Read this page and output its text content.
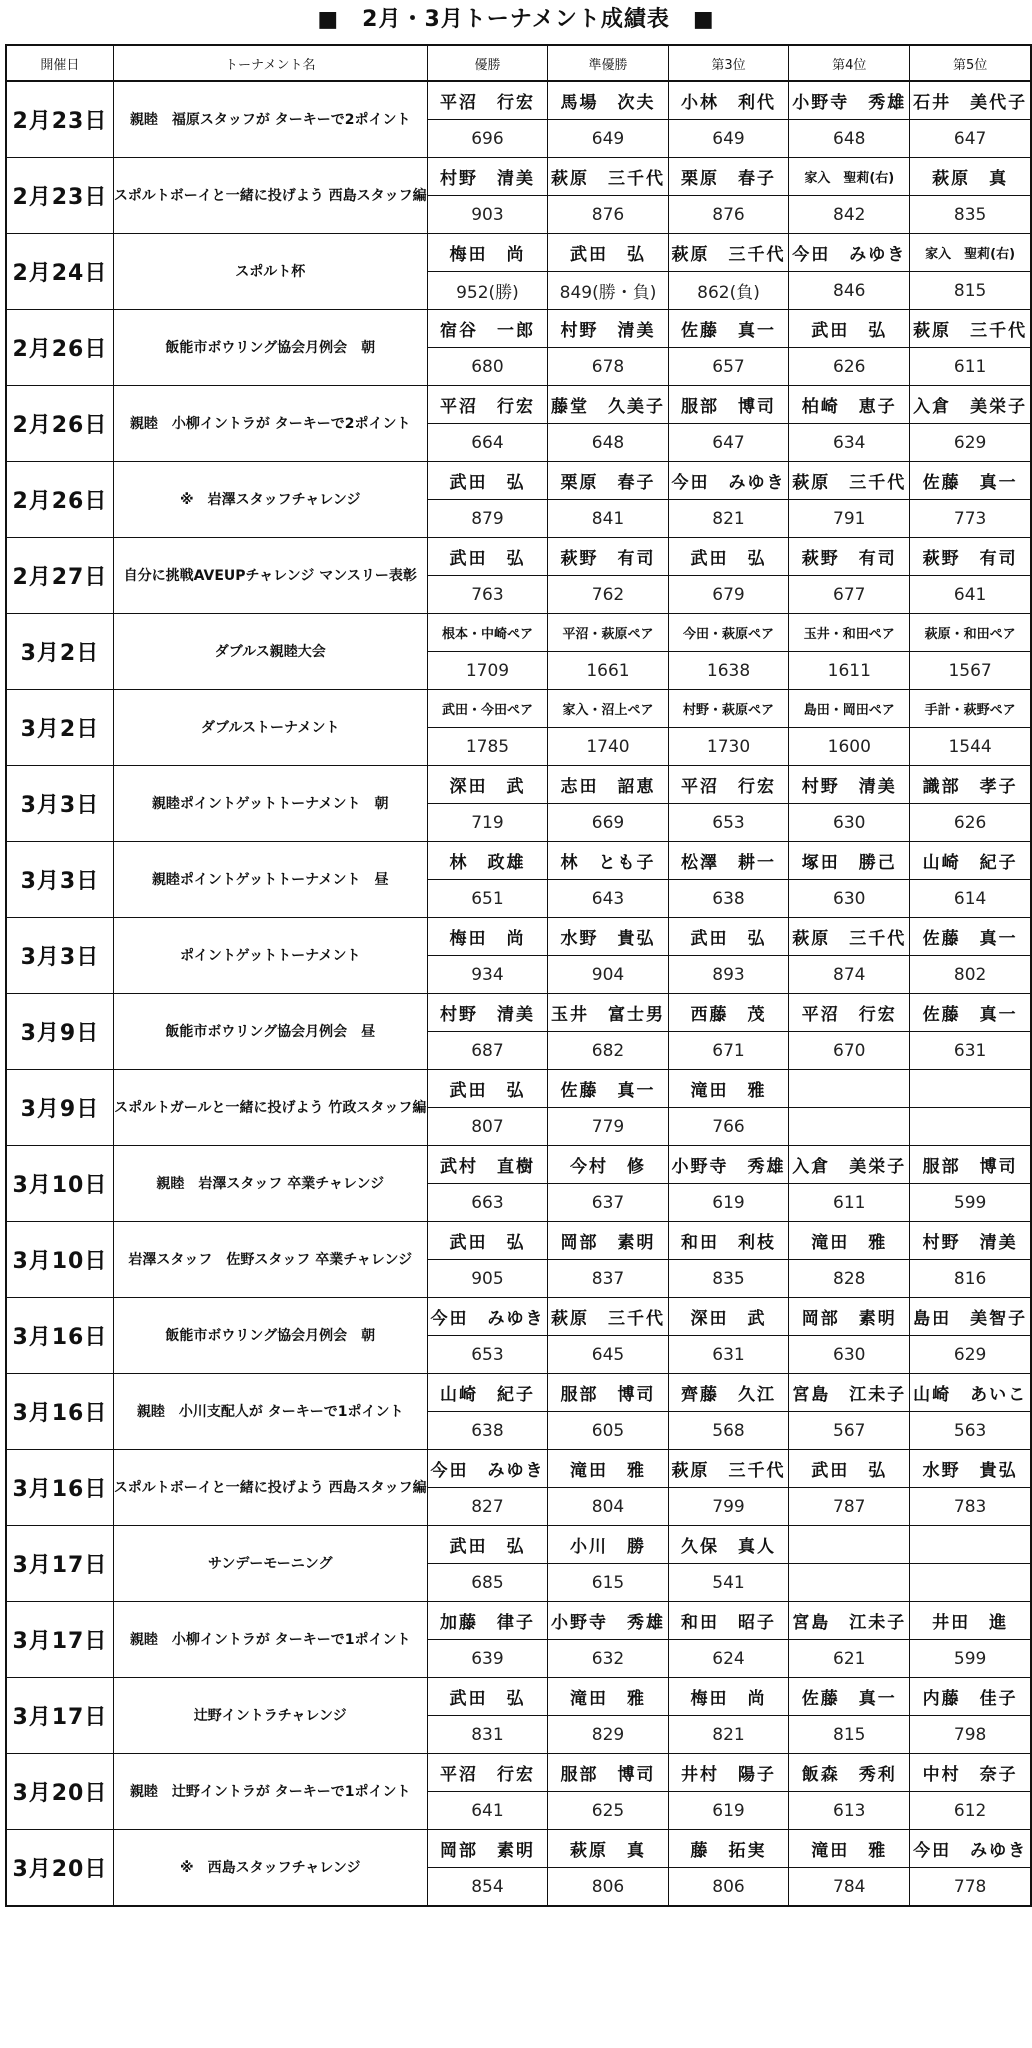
■　2月・3月トーナメント成績表　■
開催日	トーナメント名	優勝	準優勝	第3位	第4位	第5位
2月23日	親睦　福原スタッフが ターキーで2ポイント	平沼　行宏	馬場　次夫	小林　利代	小野寺　秀雄	石井　美代子
		696	649	649	648	647
2月23日	スポルトボーイと一緒に投げよう 西島スタッフ編	村野　清美	萩原　三千代	栗原　春子	家入　聖莉(右)	萩原　真
		903	876	876	842	835
2月24日	スポルト杯	梅田　尚	武田　弘	萩原　三千代	今田　みゆき	家入　聖莉(右)
		952(勝)	849(勝・負)	862(負)	846	815
2月26日	飯能市ボウリング協会月例会　朝	宿谷　一郎	村野　清美	佐藤　真一	武田　弘	萩原　三千代
		680	678	657	626	611
2月26日	親睦　小柳イントラが ターキーで2ポイント	平沼　行宏	藤堂　久美子	服部　博司	柏崎　恵子	入倉　美栄子
		664	648	647	634	629
2月26日	※　岩澤スタッフチャレンジ	武田　弘	栗原　春子	今田　みゆき	萩原　三千代	佐藤　真一
		879	841	821	791	773
2月27日	自分に挑戦AVEUPチャレンジ マンスリー表彰	武田　弘	萩野　有司	武田　弘	萩野　有司	萩野　有司
		763	762	679	677	641
3月2日	ダブルス親睦大会	根本・中崎ペア	平沼・萩原ペア	今田・萩原ペア	玉井・和田ペア	萩原・和田ペア
		1709	1661	1638	1611	1567
3月2日	ダブルストーナメント	武田・今田ペア	家入・沼上ペア	村野・萩原ペア	島田・岡田ペア	手計・萩野ペア
		1785	1740	1730	1600	1544
3月3日	親睦ポイントゲットトーナメント　朝	深田　武	志田　詔恵	平沼　行宏	村野　清美	識部　孝子
		719	669	653	630	626
3月3日	親睦ポイントゲットトーナメント　昼	林　政雄	林　とも子	松澤　耕一	塚田　勝己	山崎　紀子
		651	643	638	630	614
3月3日	ポイントゲットトーナメント	梅田　尚	水野　貴弘	武田　弘	萩原　三千代	佐藤　真一
		934	904	893	874	802
3月9日	飯能市ボウリング協会月例会　昼	村野　清美	玉井　富士男	西藤　茂	平沼　行宏	佐藤　真一
		687	682	671	670	631
3月9日	スポルトガールと一緒に投げよう 竹政スタッフ編	武田　弘	佐藤　真一	滝田　雅		
		807	779	766		
3月10日	親睦　岩澤スタッフ 卒業チャレンジ	武村　直樹	今村　修	小野寺　秀雄	入倉　美栄子	服部　博司
		663	637	619	611	599
3月10日	岩澤スタッフ　佐野スタッフ 卒業チャレンジ	武田　弘	岡部　素明	和田　利枝	滝田　雅	村野　清美
		905	837	835	828	816
3月16日	飯能市ボウリング協会月例会　朝	今田　みゆき	萩原　三千代	深田　武	岡部　素明	島田　美智子
		653	645	631	630	629
3月16日	親睦　小川支配人が ターキーで1ポイント	山崎　紀子	服部　博司	齊藤　久江	宮島　江未子	山崎　あいこ
		638	605	568	567	563
3月16日	スポルトボーイと一緒に投げよう 西島スタッフ編	今田　みゆき	滝田　雅	萩原　三千代	武田　弘	水野　貴弘
		827	804	799	787	783
3月17日	サンデーモーニング	武田　弘	小川　勝	久保　真人		
		685	615	541		
3月17日	親睦　小柳イントラが ターキーで1ポイント	加藤　律子	小野寺　秀雄	和田　昭子	宮島　江未子	井田　進
		639	632	624	621	599
3月17日	辻野イントラチャレンジ	武田　弘	滝田　雅	梅田　尚	佐藤　真一	内藤　佳子
		831	829	821	815	798
3月20日	親睦　辻野イントラが ターキーで1ポイント	平沼　行宏	服部　博司	井村　陽子	飯森　秀利	中村　奈子
		641	625	619	613	612
3月20日	※　西島スタッフチャレンジ	岡部　素明	萩原　真	藤　拓実	滝田　雅	今田　みゆき
		854	806	806	784	778
